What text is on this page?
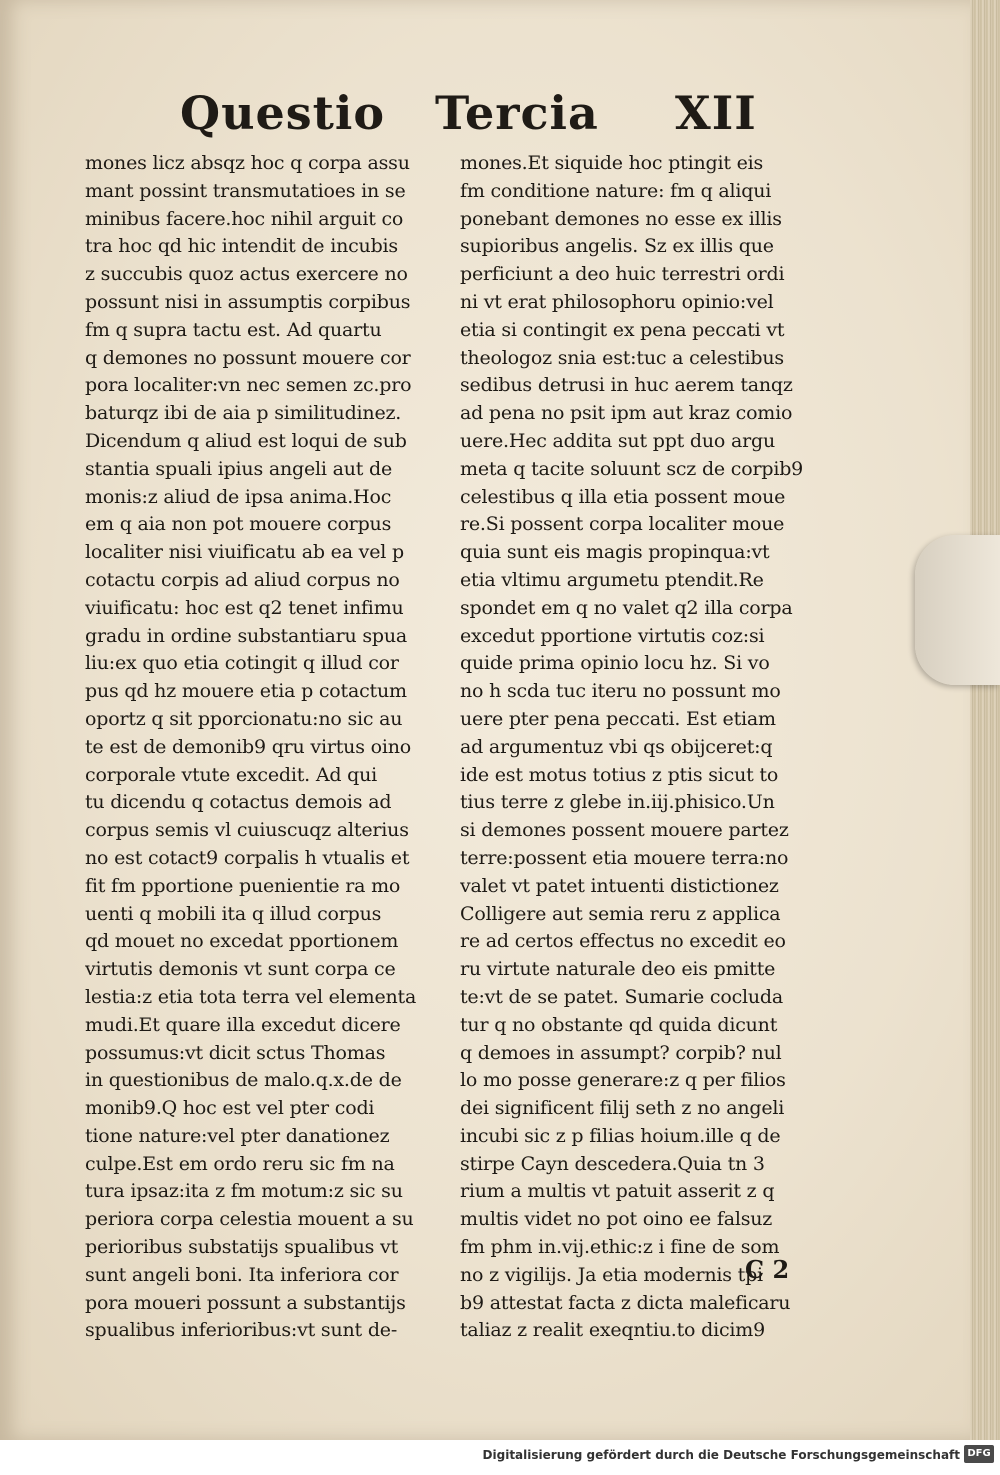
Questio Tercia XII
mones licz absqz hoc q corpa assu
mant possint transmutatioes in se
minibus facere.hoc nihil arguit co
tra hoc qd hic intendit de incubis
z succubis quoz actus exercere no
possunt nisi in assumptis corpibus
fm q supra tactu est. Ad quartu
q demones no possunt mouere cor
pora localiter:vn nec semen zc.pro
baturqz ibi de aia p similitudinez.
Dicendum q aliud est loqui de sub
stantia spuali ipius angeli aut de
monis:z aliud de ipsa anima.Hoc
em q aia non pot mouere corpus
localiter nisi viuificatu ab ea vel p
cotactu corpis ad aliud corpus no
viuificatu: hoc est q2 tenet infimu
gradu in ordine substantiaru spua
liu:ex quo etia cotingit q illud cor
pus qd hz mouere etia p cotactum
oportz q sit pporcionatu:no sic au
te est de demonib9 qru virtus oino
corporale vtute excedit. Ad qui
tu dicendu q cotactus demois ad
corpus semis vl cuiuscuqz alterius
no est cotact9 corpalis h vtualis et
fit fm pportione puenientie ra mo
uenti q mobili ita q illud corpus
qd mouet no excedat pportionem
virtutis demonis vt sunt corpa ce
lestia:z etia tota terra vel elementa
mudi.Et quare illa excedut dicere
possumus:vt dicit sctus Thomas
in questionibus de malo.q.x.de de
monib9.Q hoc est vel pter codi
tione nature:vel pter danationez
culpe.Est em ordo reru sic fm na
tura ipsaz:ita z fm motum:z sic su
periora corpa celestia mouent a su
perioribus substatijs spualibus vt
sunt angeli boni. Ita inferiora cor
pora moueri possunt a substantijs
spualibus inferioribus:vt sunt de-
mones.Et siquide hoc ptingit eis
fm conditione nature: fm q aliqui
ponebant demones no esse ex illis
supioribus angelis. Sz ex illis que
perficiunt a deo huic terrestri ordi
ni vt erat philosophoru opinio:vel
etia si contingit ex pena peccati vt
theologoz snia est:tuc a celestibus
sedibus detrusi in huc aerem tanqz
ad pena no psit ipm aut kraz comio
uere.Hec addita sut ppt duo argu
meta q tacite soluunt scz de corpib9
celestibus q illa etia possent moue
re.Si possent corpa localiter moue
quia sunt eis magis propinqua:vt
etia vltimu argumetu ptendit.Re
spondet em q no valet q2 illa corpa
excedut pportione virtutis coz:si
quide prima opinio locu hz. Si vo
no h scda tuc iteru no possunt mo
uere pter pena peccati. Est etiam
ad argumentuz vbi qs obijceret:q
ide est motus totius z ptis sicut to
tius terre z glebe in.iij.phisico.Un
si demones possent mouere partez
terre:possent etia mouere terra:no
valet vt patet intuenti distictionez
Colligere aut semia reru z applica
re ad certos effectus no excedit eo
ru virtute naturale deo eis pmitte
te:vt de se patet. Sumarie cocluda
tur q no obstante qd quida dicunt
q demoes in assumpt? corpib? nul
lo mo posse generare:z q per filios
dei significent filij seth z no angeli
incubi sic z p filias hoium.ille q de
stirpe Cayn descedera.Quia tn 3
rium a multis vt patuit asserit z q
multis videt no pot oino ee falsuz
fm phm in.vij.ethic:z i fine de som
no z vigilijs. Ja etia modernis tpi
b9 attestat facta z dicta maleficaru
taliaz z realit exeqntiu.to dicim9
C 2
Digitalisierung gefördert durch die Deutsche Forschungsgemeinschaft DFG
